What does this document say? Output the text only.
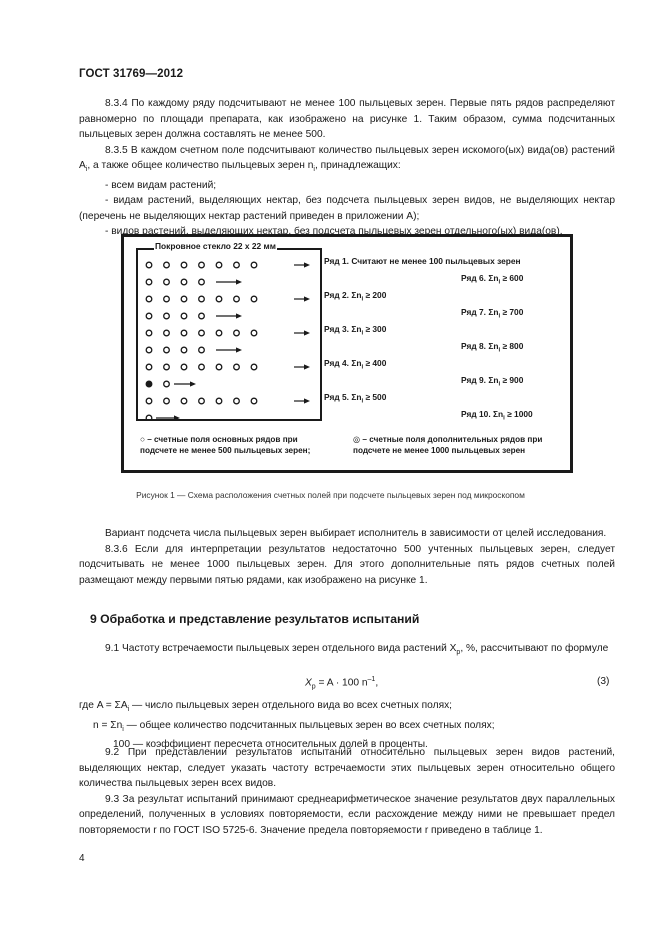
ГОСТ 31769—2012

8.3.4 По каждому ряду подсчитывают не менее 100 пыльцевых зерен. Первые пять рядов распределяют равномерно по площади препарата, как изображено на рисунке 1. Таким образом, сумма подсчитанных пыльцевых зерен должна составлять не менее 500.

8.3.5 В каждом счетном поле подсчитывают количество пыльцевых зерен искомого(ых) вида(ов) растений $A_i$, а также общее количество пыльцевых зерен $n_i$, принадлежащих:

- всем видам растений;

- видам растений, выделяющих нектар, без подсчета пыльцевых зерен видов, не выделяющих нектар (перечень не выделяющих нектар растений приведен в приложении А);

- видов растений, выделяющих нектар, без подсчета пыльцевых зерен отдельного(ых) вида(ов).

Покровное стекло 22 х 22 мм
Ряд 1. Считают не менее 100 пыльцевых зерен
Ряд 2. $\Sigma n_i \ge 200$
Ряд 3. $\Sigma n_i \ge 300$
Ряд 4. $\Sigma n_i \ge 400$
Ряд 5. $\Sigma n_i \ge 500$
Ряд 6. $\Sigma n_i \ge 600$
Ряд 7. $\Sigma n_i \ge 700$
Ряд 8. $\Sigma n_i \ge 800$
Ряд 9. $\Sigma n_i \ge 900$
Ряд 10. $\Sigma n_i \ge 1000$
○ – счетные поля основных рядов при подсчете не менее 500 пыльцевых зерен;
◎ – счетные поля дополнительных рядов при подсчете не менее 1000 пыльцевых зерен
Рисунок 1 — Схема расположения счетных полей при подсчете пыльцевых зерен под микроскопом

Вариант подсчета числа пыльцевых зерен выбирает исполнитель в зависимости от целей исследования.

8.3.6 Если для интерпретации результатов недостаточно 500 учтенных пыльцевых зерен, следует подсчитывать не менее 1000 пыльцевых зерен. Для этого дополнительные пять рядов счетных полей размещают между первыми пятью рядами, как изображено на рисунке 1.

9 Обработка и представление результатов испытаний

9.1 Частоту встречаемости пыльцевых зерен отдельного вида растений $X_p$, %, рассчитывают по формуле

$X_p = A \cdot 100$ $n^{-1}$,	(3)
где $A = \Sigma A_i$ — число пыльцевых зерен отдельного вида во всех счетных полях;
$n = \Sigma n_i$ — общее количество подсчитанных пыльцевых зерен во всех счетных полях;
100 — коэффициент пересчета относительных долей в проценты.

9.2 При представлении результатов испытаний относительно пыльцевых зерен видов растений, выделяющих нектар, следует указать частоту встречаемости этих пыльцевых зерен относительно общего количества пыльцевых зерен всех видов.

9.3 За результат испытаний принимают среднеарифметическое значение результатов двух параллельных определений, полученных в условиях повторяемости, если расхождение между ними не превышает предел повторяемости r по ГОСТ ISO 5725-6. Значение предела повторяемости r приведено в таблице 1.

4
